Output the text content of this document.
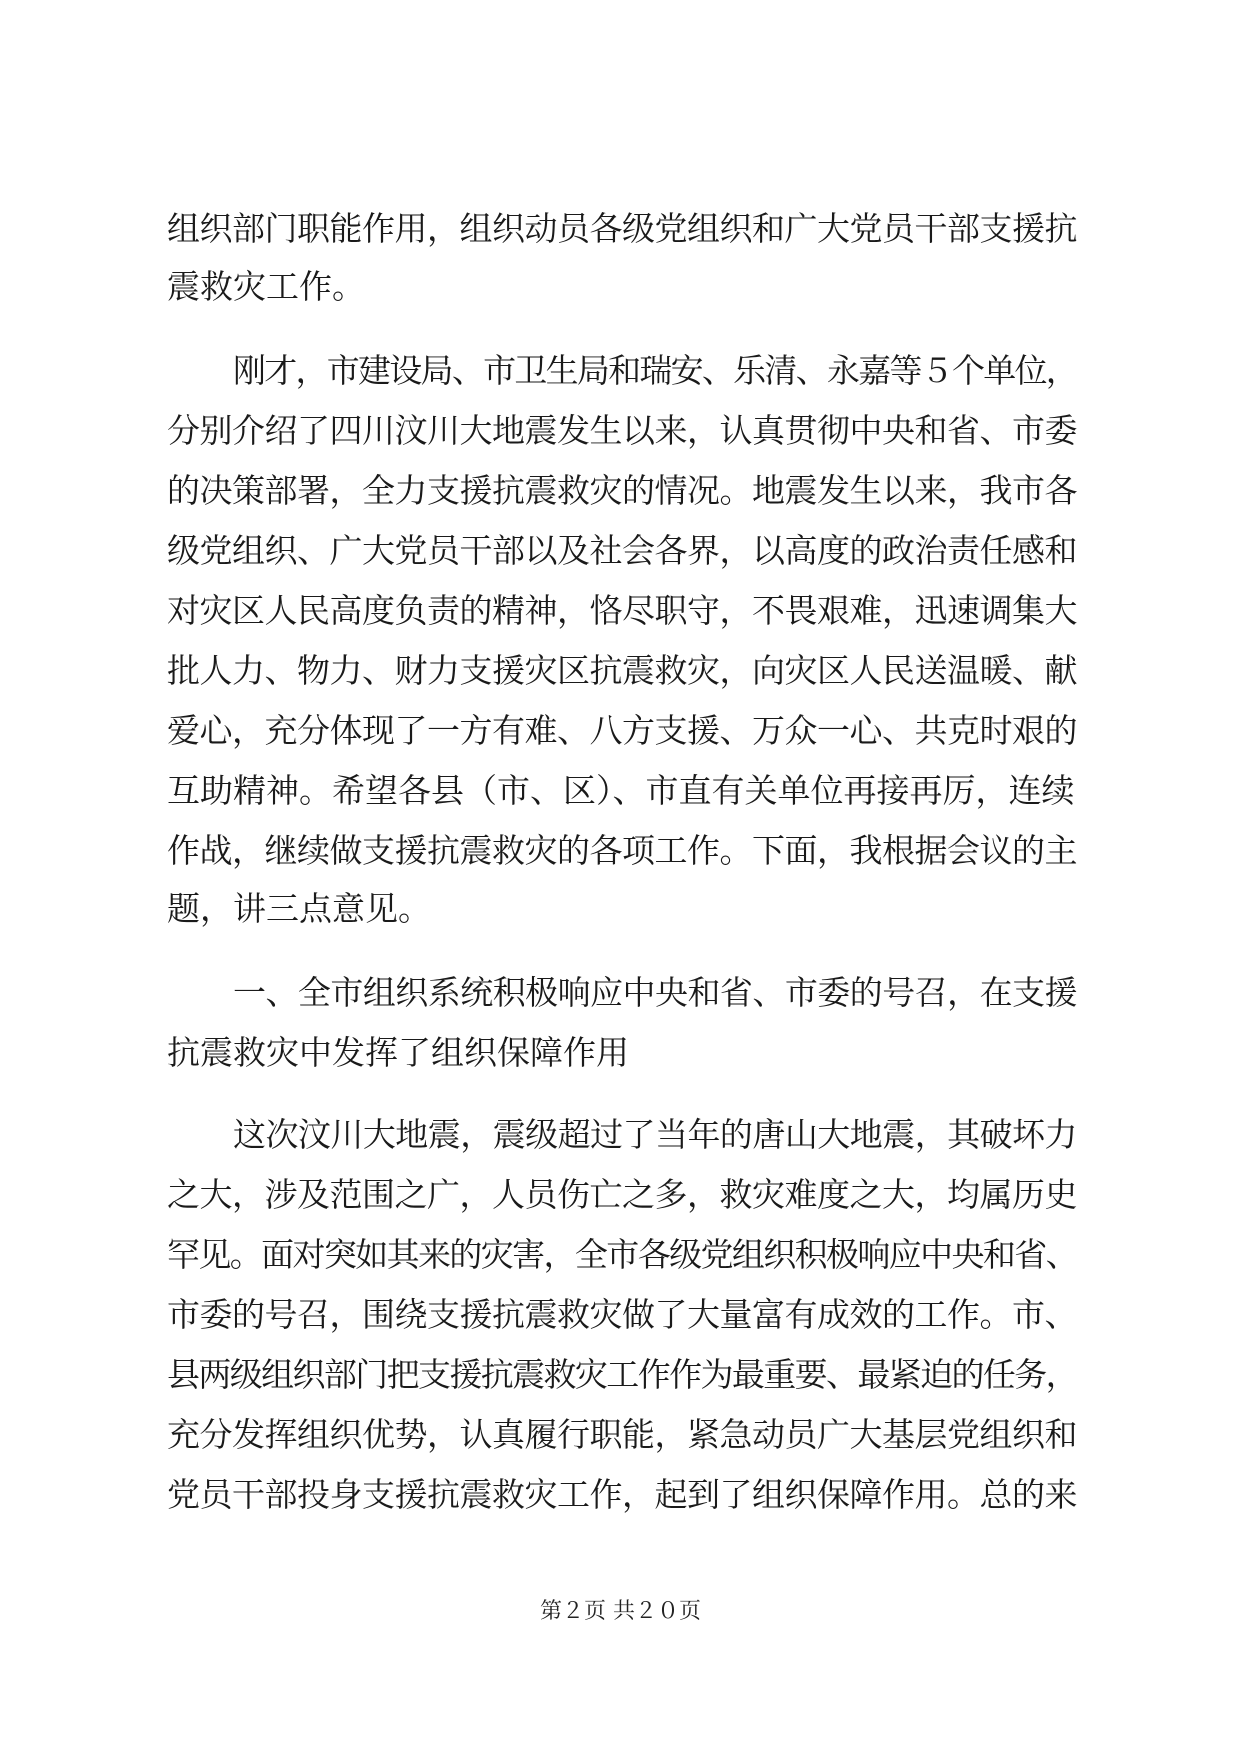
组织部门职能作用，组织动员各级党组织和广大党员干部支援抗
震救灾工作。
刚才，市建设局、市卫生局和瑞安、乐清、永嘉等５个单位，
分别介绍了四川汶川大地震发生以来，认真贯彻中央和省、市委
的决策部署，全力支援抗震救灾的情况。地震发生以来，我市各
级党组织、广大党员干部以及社会各界，以高度的政治责任感和
对灾区人民高度负责的精神，恪尽职守，不畏艰难，迅速调集大
批人力、物力、财力支援灾区抗震救灾，向灾区人民送温暖、献
爱心，充分体现了一方有难、八方支援、万众一心、共克时艰的
互助精神。希望各县（市、区）、市直有关单位再接再厉，连续
作战，继续做支援抗震救灾的各项工作。下面，我根据会议的主
题，讲三点意见。
一、全市组织系统积极响应中央和省、市委的号召，在支援
抗震救灾中发挥了组织保障作用
这次汶川大地震，震级超过了当年的唐山大地震，其破坏力
之大，涉及范围之广，人员伤亡之多，救灾难度之大，均属历史
罕见。面对突如其来的灾害，全市各级党组织积极响应中央和省、
市委的号召，围绕支援抗震救灾做了大量富有成效的工作。市、
县两级组织部门把支援抗震救灾工作作为最重要、最紧迫的任务，
充分发挥组织优势，认真履行职能，紧急动员广大基层党组织和
党员干部投身支援抗震救灾工作，起到了组织保障作用。总的来
第２页 共２０页
